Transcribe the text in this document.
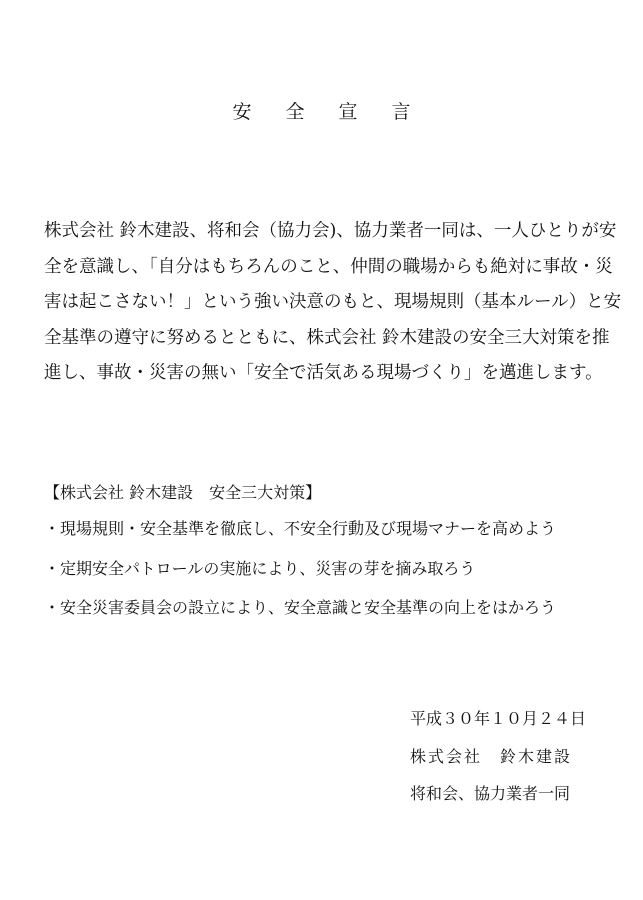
安 全 宣 言

株式会社 鈴木建設、将和会（協力会)、協力業者一同は、一人ひとりが安
全を意識し、「自分はもちろんのこと、仲間の職場からも絶対に事故・災
害は起こさない！」という強い決意のもと、現場規則（基本ルール）と安
全基準の遵守に努めるとともに、株式会社 鈴木建設の安全三大対策を推
進し、事故・災害の無い「安全で活気ある現場づくり」を邁進します。

【株式会社 鈴木建設　安全三大対策】
・現場規則・安全基準を徹底し、不安全行動及び現場マナーを高めよう
・定期安全パトロールの実施により、災害の芽を摘み取ろう
・安全災害委員会の設立により、安全意識と安全基準の向上をはかろう
平成３０年１０月２４日
株式会社　鈴木建設
将和会、協力業者一同
